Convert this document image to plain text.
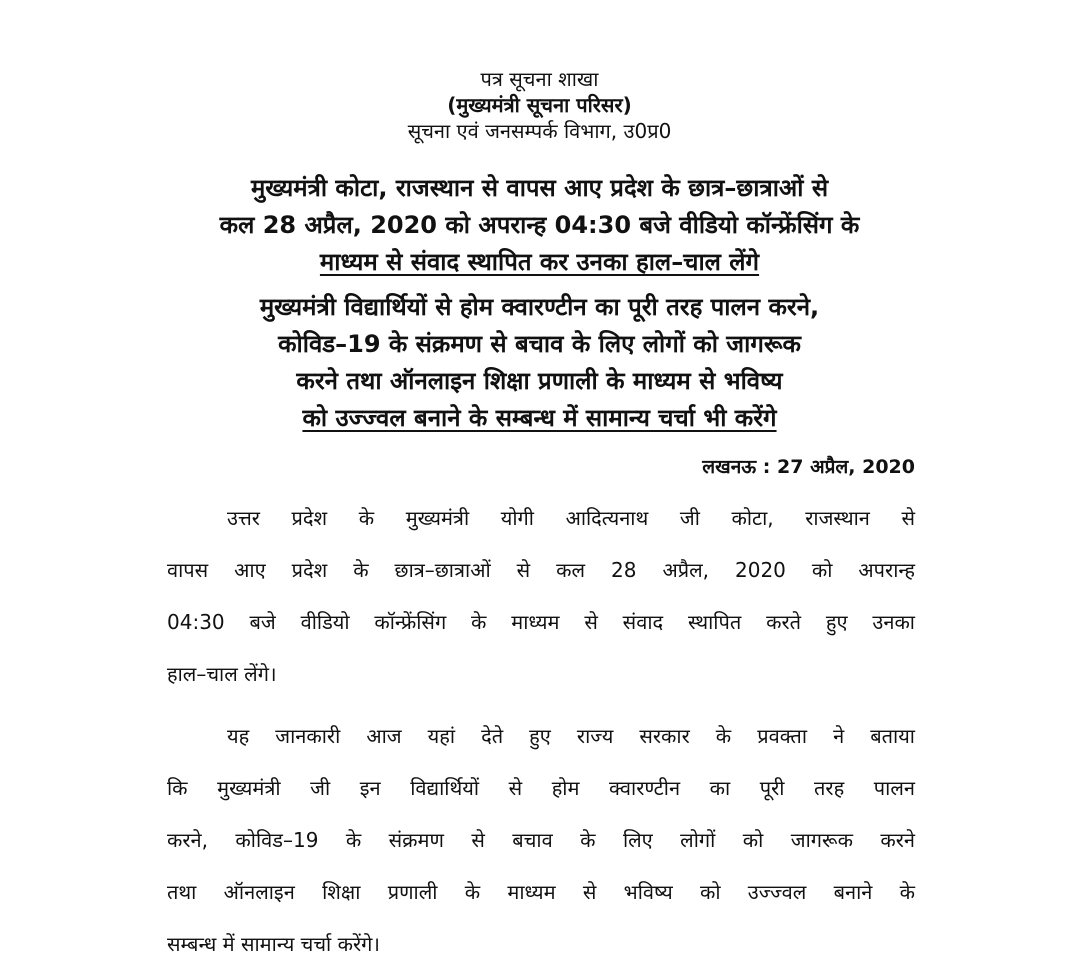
पत्र सूचना शाखा
(मुख्यमंत्री सूचना परिसर)
सूचना एवं जनसम्पर्क विभाग, उ0प्र0
मुख्यमंत्री कोटा, राजस्थान से वापस आए प्रदेश के छात्र–छात्राओं से
कल 28 अप्रैल, 2020 को अपरान्ह 04:30 बजे वीडियो कॉन्फ्रेंसिंग के
माध्यम से संवाद स्थापित कर उनका हाल–चाल लेंगे
मुख्यमंत्री विद्यार्थियों से होम क्वारण्टीन का पूरी तरह पालन करने,
कोविड–19 के संक्रमण से बचाव के लिए लोगों को जागरूक
करने तथा ऑनलाइन शिक्षा प्रणाली के माध्यम से भविष्य
को उज्ज्वल बनाने के सम्बन्ध में सामान्य चर्चा भी करेंगे
लखनऊ : 27 अप्रैल, 2020
उत्तर प्रदेश के मुख्यमंत्री योगी आदित्यनाथ जी कोटा, राजस्थान से
वापस आए प्रदेश के छात्र–छात्राओं से कल 28 अप्रैल, 2020 को अपरान्ह
04:30 बजे वीडियो कॉन्फ्रेंसिंग के माध्यम से संवाद स्थापित करते हुए उनका
हाल–चाल लेंगे।
यह जानकारी आज यहां देते हुए राज्य सरकार के प्रवक्ता ने बताया
कि मुख्यमंत्री जी इन विद्यार्थियों से होम क्वारण्टीन का पूरी तरह पालन
करने, कोविड–19 के संक्रमण से बचाव के लिए लोगों को जागरूक करने
तथा ऑनलाइन शिक्षा प्रणाली के माध्यम से भविष्य को उज्ज्वल बनाने के
सम्बन्ध में सामान्य चर्चा करेंगे।
